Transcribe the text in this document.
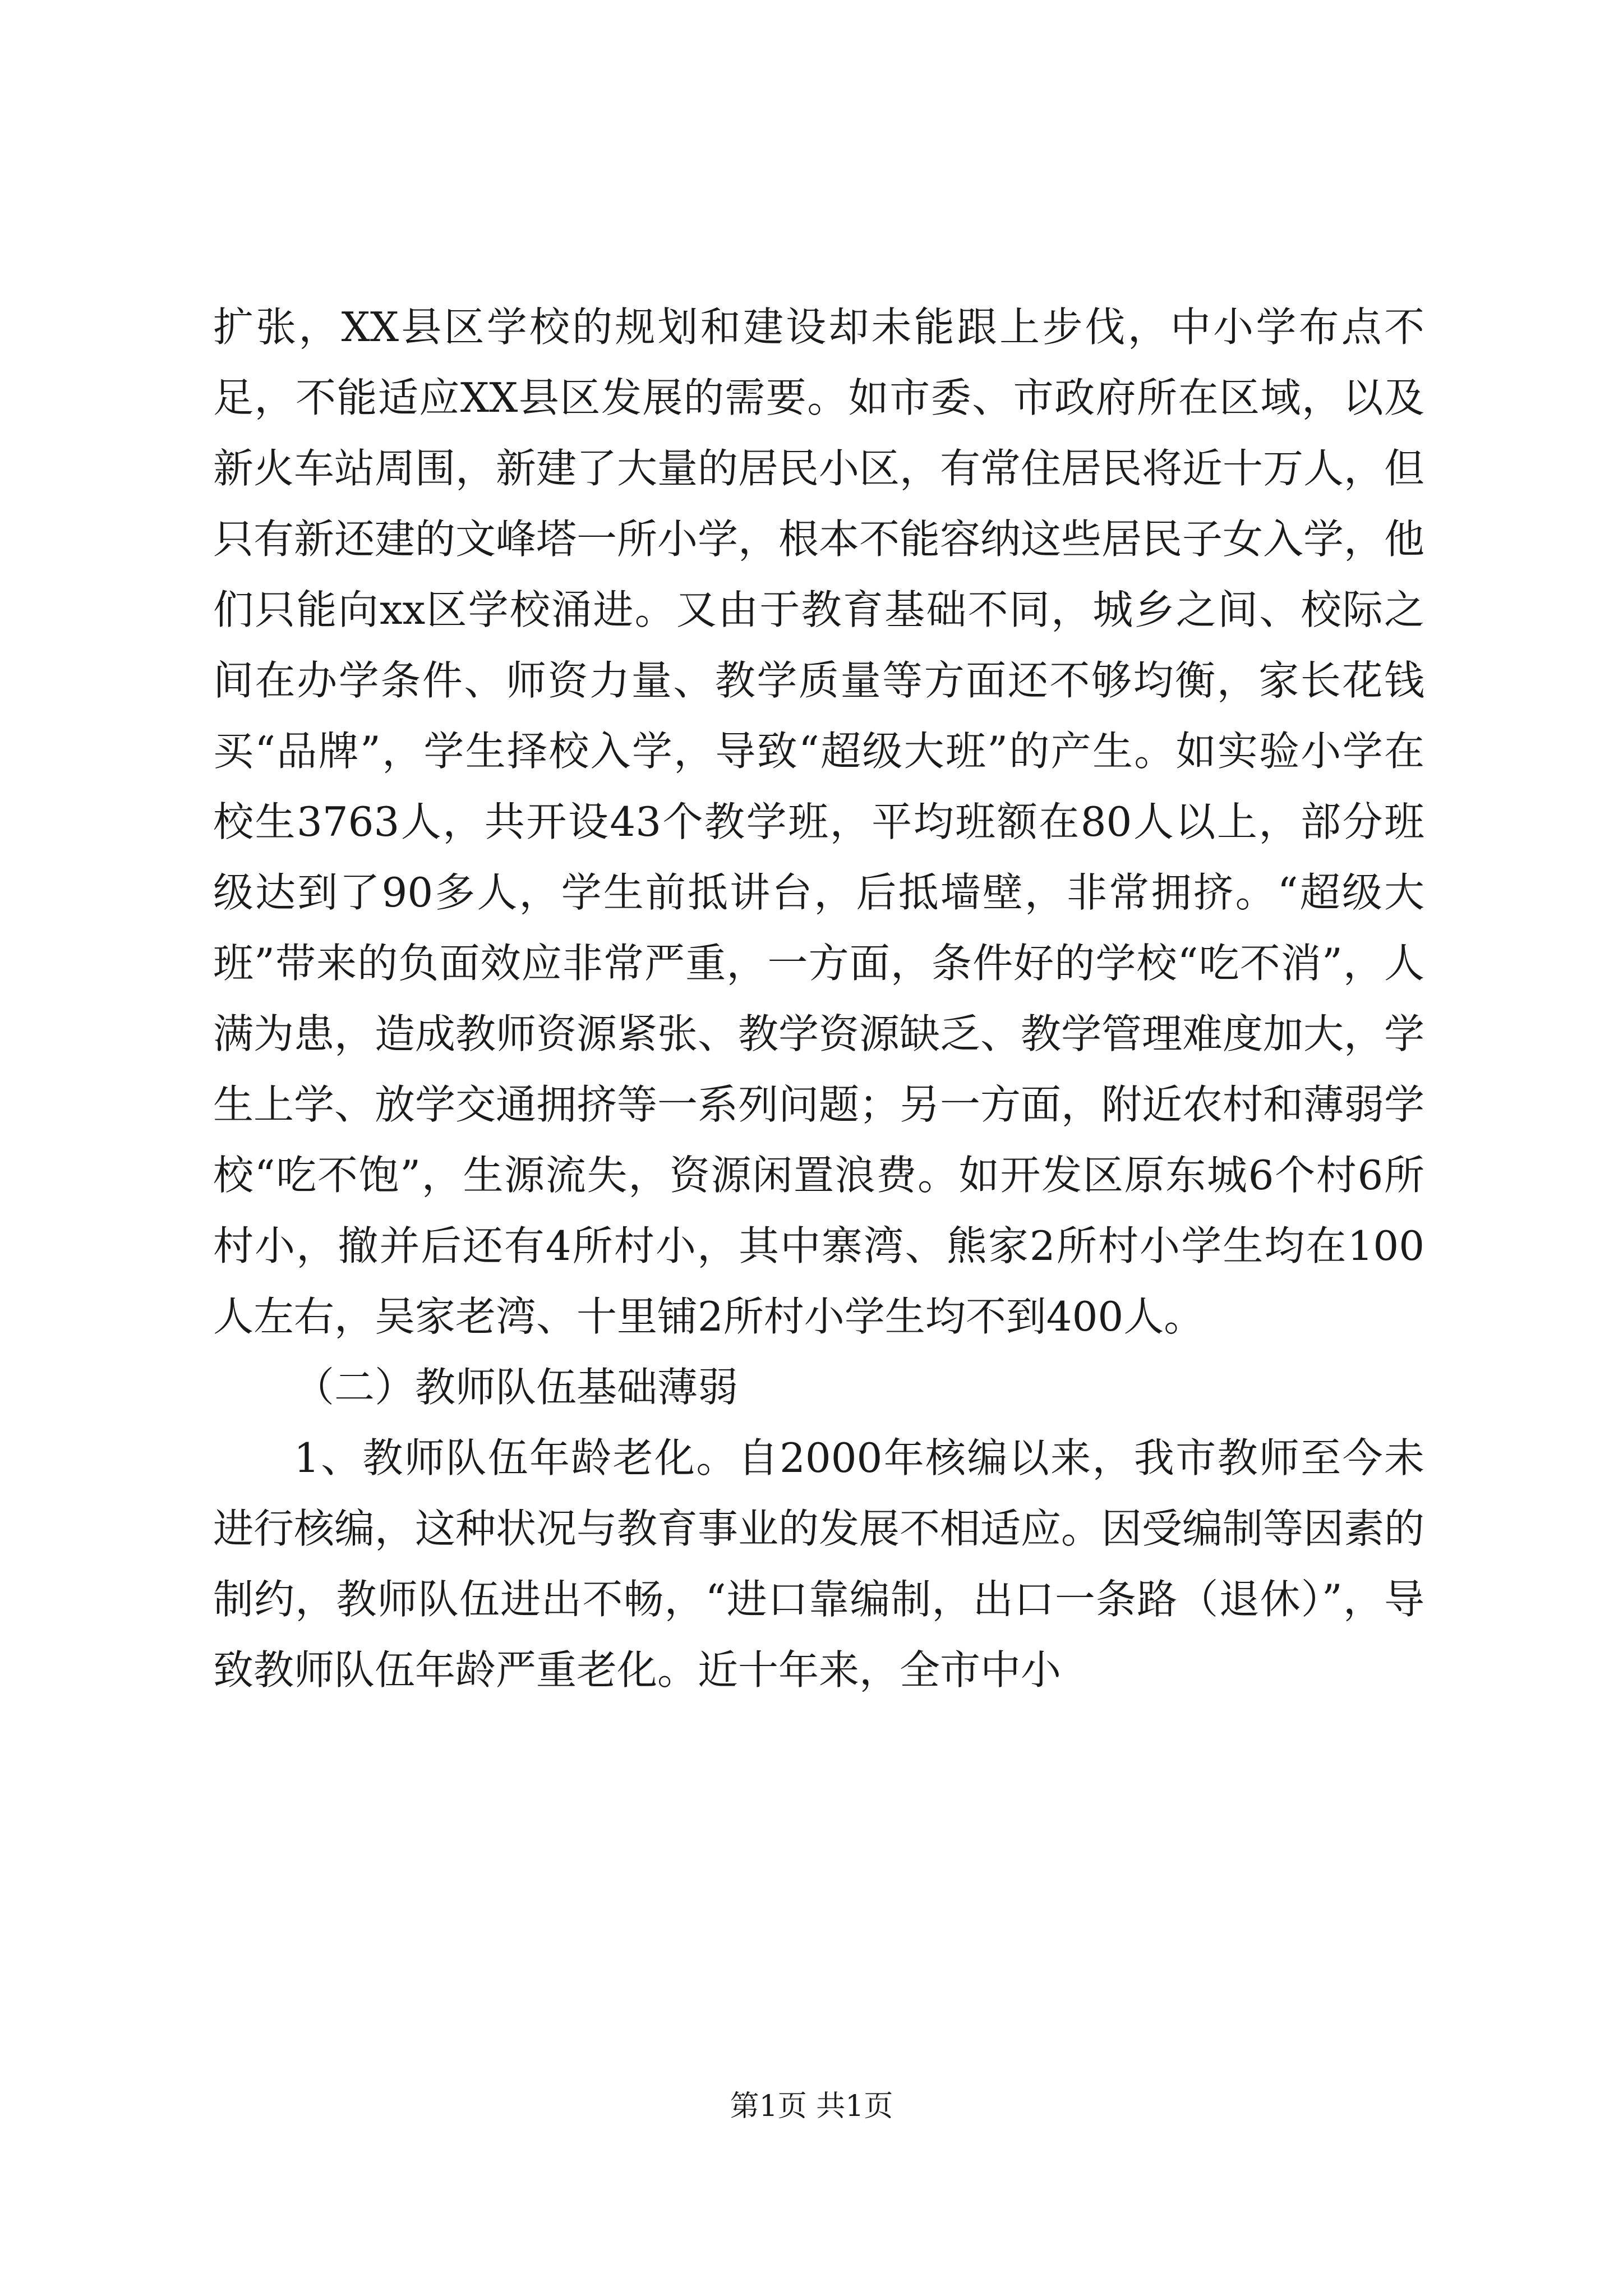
扩张，XX县区学校的规划和建设却未能跟上步伐，中小学布点不足，不能适应XX县区发展的需要。如市委、市政府所在区域，以及新火车站周围，新建了大量的居民小区，有常住居民将近十万人，但只有新还建的文峰塔一所小学，根本不能容纳这些居民子女入学，他们只能向xx区学校涌进。又由于教育基础不同，城乡之间、校际之间在办学条件、师资力量、教学质量等方面还不够均衡，家长花钱买“品牌”，学生择校入学，导致“超级大班”的产生。如实验小学在校生3763人，共开设43个教学班，平均班额在80人以上，部分班级达到了90多人，学生前抵讲台，后抵墙壁，非常拥挤。“超级大班”带来的负面效应非常严重，一方面，条件好的学校“吃不消”，人满为患，造成教师资源紧张、教学资源缺乏、教学管理难度加大，学生上学、放学交通拥挤等一系列问题；另一方面，附近农村和薄弱学校“吃不饱”，生源流失，资源闲置浪费。如开发区原东城6个村6所村小，撤并后还有4所村小，其中寨湾、熊家2所村小学生均在100人左右，吴家老湾、十里铺2所村小学生均不到400人。

（二）教师队伍基础薄弱

1、教师队伍年龄老化。自2000年核编以来，我市教师至今未进行核编，这种状况与教育事业的发展不相适应。因受编制等因素的制约，教师队伍进出不畅，“进口靠编制，出口一条路（退休）”，导致教师队伍年龄严重老化。近十年来，全市中小

第1页 共1页
